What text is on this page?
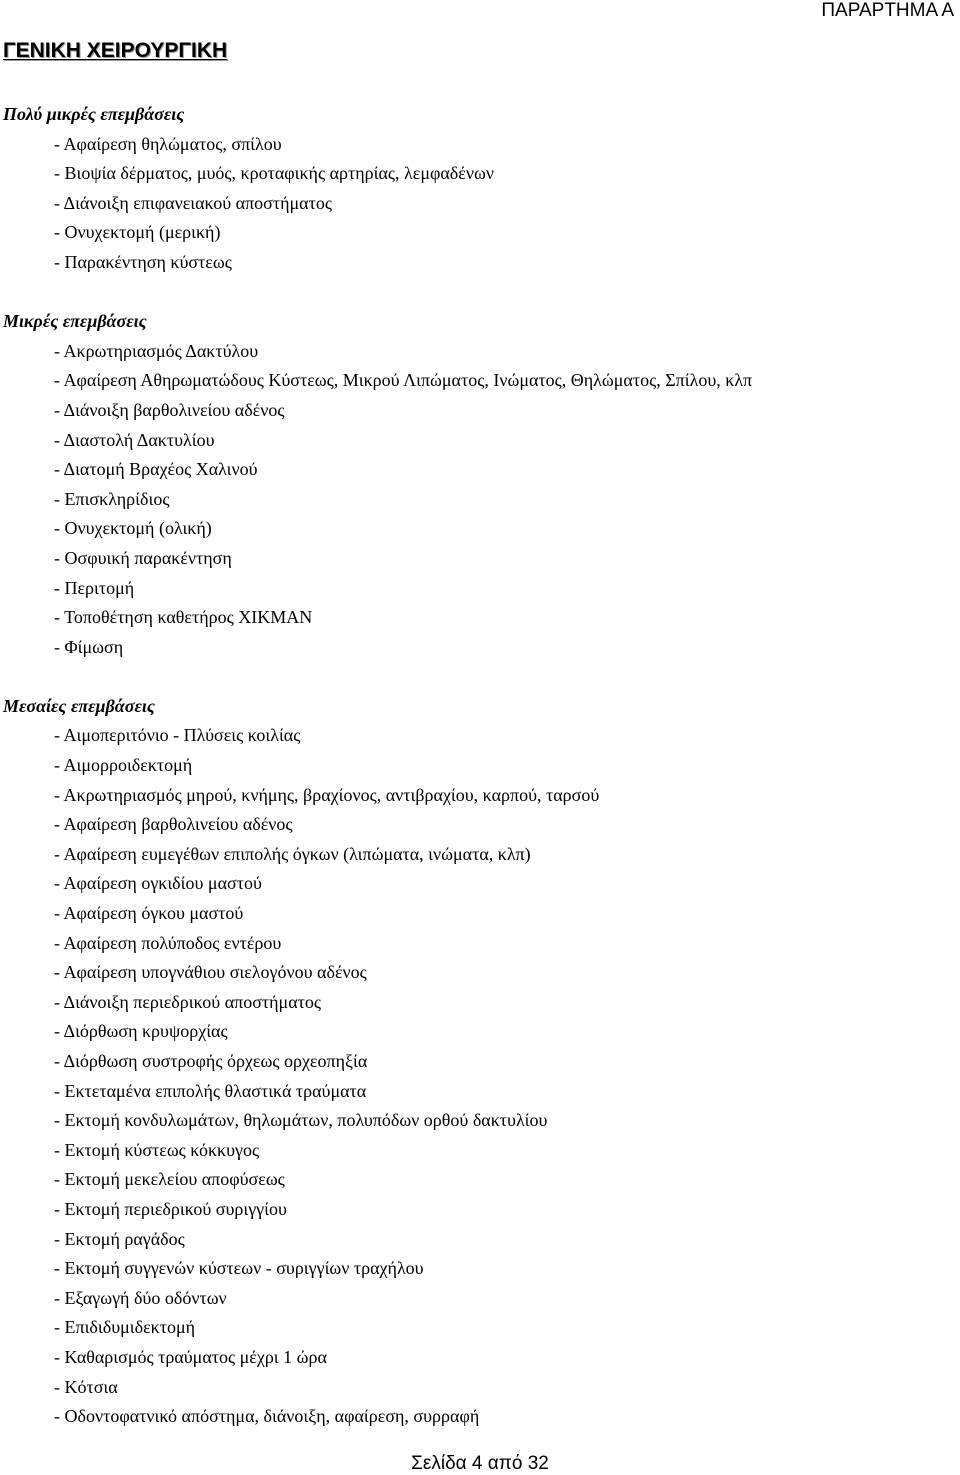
ΠΑΡΑΡΤΗΜΑ Α
ΓΕΝΙΚΗ ΧΕΙΡΟΥΡΓΙΚΗ
Πολύ μικρές επεμβάσεις
- Αφαίρεση θηλώματος, σπίλου
- Βιοψία δέρματος, μυός, κροταφικής αρτηρίας, λεμφαδένων
- Διάνοιξη επιφανειακού αποστήματος
- Ονυχεκτομή (μερική)
- Παρακέντηση κύστεως
Μικρές επεμβάσεις
- Ακρωτηριασμός Δακτύλου
- Αφαίρεση Αθηρωματώδους Κύστεως, Μικρού Λιπώματος, Ινώματος, Θηλώματος, Σπίλου, κλπ
- Διάνοιξη βαρθολινείου αδένος
- Διαστολή Δακτυλίου
- Διατομή Βραχέος Χαλινού
- Επισκληρίδιος
- Ονυχεκτομή (ολική)
- Οσφυική παρακέντηση
- Περιτομή
- Τοποθέτηση καθετήρος ΧΙΚΜΑΝ
- Φίμωση
Μεσαίες επεμβάσεις
- Αιμοπεριτόνιο - Πλύσεις κοιλίας
- Αιμορροιδεκτομή
- Ακρωτηριασμός μηρού, κνήμης, βραχίονος, αντιβραχίου, καρπού, ταρσού
- Αφαίρεση βαρθολινείου αδένος
- Αφαίρεση ευμεγέθων επιπολής όγκων (λιπώματα, ινώματα, κλπ)
- Αφαίρεση ογκιδίου μαστού
- Αφαίρεση όγκου μαστού
- Αφαίρεση πολύποδος εντέρου
- Αφαίρεση υπογνάθιου σιελογόνου αδένος
- Διάνοιξη περιεδρικού αποστήματος
- Διόρθωση κρυψορχίας
- Διόρθωση συστροφής όρχεως ορχεοπηξία
- Εκτεταμένα επιπολής θλαστικά τραύματα
- Εκτομή κονδυλωμάτων, θηλωμάτων, πολυπόδων ορθού δακτυλίου
- Εκτομή κύστεως κόκκυγος
- Εκτομή μεκελείου αποφύσεως
- Εκτομή περιεδρικού συριγγίου
- Εκτομή ραγάδος
- Εκτομή συγγενών κύστεων - συριγγίων τραχήλου
- Εξαγωγή δύο οδόντων
- Επιδιδυμιδεκτομή
- Καθαρισμός τραύματος μέχρι 1 ώρα
- Κότσια
- Οδοντοφατνικό απόστημα, διάνοιξη, αφαίρεση, συρραφή
Σελίδα 4 από 32
